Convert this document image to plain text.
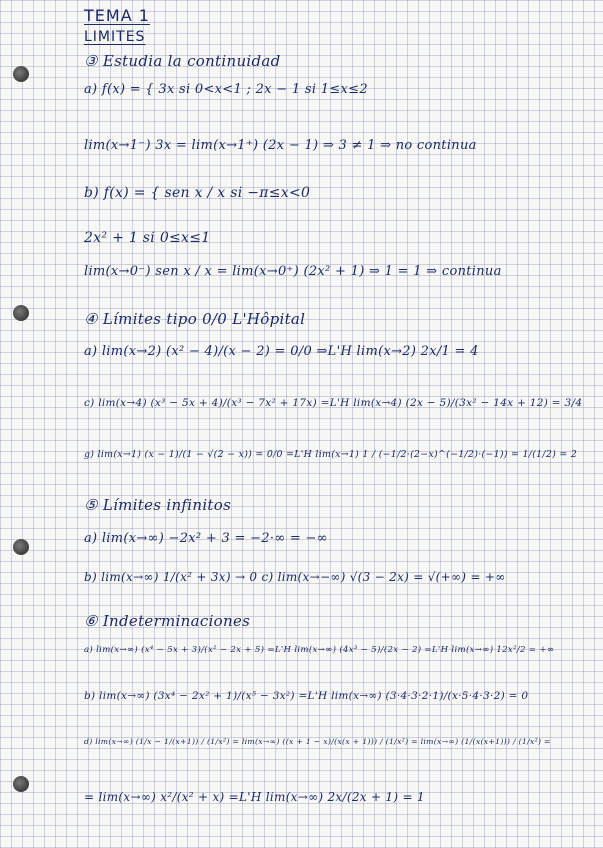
TEMA 1
LIMITES
③ Estudia la continuidad
a) f(x) = { 3x si 0<x<1 ; 2x − 1 si 1≤x≤2
lim(x→1⁻) 3x = lim(x→1⁺) (2x − 1) ⇒ 3 ≠ 1 ⇒ no continua
b) f(x) = { sen x / x si −π≤x<0
2x² + 1 si 0≤x≤1
lim(x→0⁻) sen x / x = lim(x→0⁺) (2x² + 1) ⇒ 1 = 1 ⇒ continua
④ Límites tipo 0/0 L'Hôpital
a) lim(x→2) (x² − 4)/(x − 2) = 0/0 ⇒L'H lim(x→2) 2x/1 = 4
c) lim(x→4) (x³ − 5x + 4)/(x³ − 7x² + 17x) =L'H lim(x→4) (2x − 5)/(3x² − 14x + 12) = 3/4
g) lim(x→1) (x − 1)/(1 − √(2 − x)) = 0/0 =L'H lim(x→1) 1 / (−1/2·(2−x)^(−1/2)·(−1)) = 1/(1/2) = 2
⑤ Límites infinitos
a) lim(x→∞) −2x² + 3 = −2·∞ = −∞
b) lim(x→∞) 1/(x² + 3x) → 0 c) lim(x→−∞) √(3 − 2x) = √(+∞) = +∞
⑥ Indeterminaciones
a) lim(x→∞) (x⁴ − 5x + 3)/(x² − 2x + 5) =L'H lim(x→∞) (4x³ − 5)/(2x − 2) =L'H lim(x→∞) 12x²/2 = +∞
b) lim(x→∞) (3x⁴ − 2x² + 1)/(x⁵ − 3x²) =L'H lim(x→∞) (3·4·3·2·1)/(x·5·4·3·2) = 0
d) lim(x→∞) (1/x − 1/(x+1)) / (1/x²) = lim(x→∞) ((x + 1 − x)/(x(x + 1))) / (1/x²) = lim(x→∞) (1/(x(x+1))) / (1/x²) =
= lim(x→∞) x²/(x² + x) =L'H lim(x→∞) 2x/(2x + 1) = 1
